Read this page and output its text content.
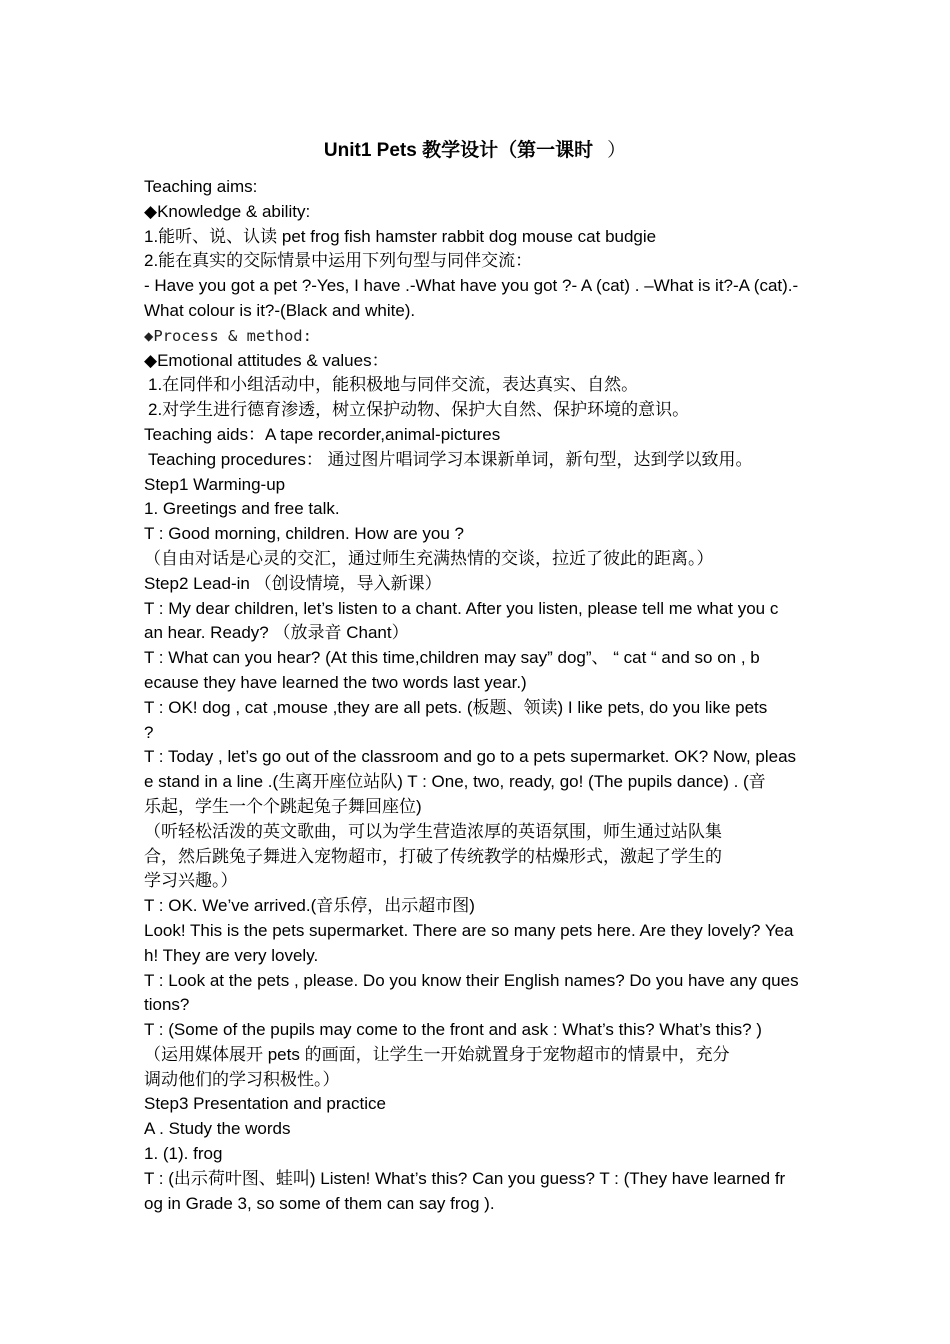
Unit1 Pets 教学设计（第一课时 ）

Teaching aims:

◆Knowledge & ability:

1.能听、说、认读 pet frog fish hamster rabbit dog mouse cat budgie

2.能在真实的交际情景中运用下列句型与同伴交流：

- Have you got a pet ?-Yes, I have .-What have you got ?- A (cat) . –What is it?-A (cat).-

What colour is it?-(Black and white).

◆Process & method:

◆Emotional attitudes & values：

1.在同伴和小组活动中，能积极地与同伴交流，表达真实、自然。

2.对学生进行德育渗透，树立保护动物、保护大自然、保护环境的意识。

Teaching aids：A tape recorder,animal-pictures

Teaching procedures： 通过图片唱词学习本课新单词，新句型，达到学以致用。

Step1 Warming-up

1. Greetings and free talk.

T : Good morning, children. How are you ?

（自由对话是心灵的交汇，通过师生充满热情的交谈，拉近了彼此的距离。）

Step2 Lead-in （创设情境，导入新课）

T : My dear children, let’s listen to a chant. After you listen, please tell me what you c

an hear. Ready? （放录音 Chant）

T : What can you hear? (At this time,children may say” dog”、 “ cat “ and so on , b

ecause they have learned the two words last year.)

T : OK! dog , cat ,mouse ,they are all pets. (板题、领读) I like pets, do you like pets

?

T : Today , let’s go out of the classroom and go to a pets supermarket. OK? Now, pleas

e stand in a line .(生离开座位站队) T : One, two, ready, go! (The pupils dance) . (音

乐起，学生一个个跳起兔子舞回座位)

（听轻松活泼的英文歌曲，可以为学生营造浓厚的英语氛围，师生通过站队集

合，然后跳兔子舞进入宠物超市，打破了传统教学的枯燥形式，激起了学生的

学习兴趣。）

T : OK. We’ve arrived.(音乐停，出示超市图)

Look! This is the pets supermarket. There are so many pets here. Are they lovely? Yea

h! They are very lovely.

T : Look at the pets , please. Do you know their English names? Do you have any ques

tions?

T : (Some of the pupils may come to the front and ask : What’s this? What’s this? )

（运用媒体展开 pets 的画面，让学生一开始就置身于宠物超市的情景中，充分

调动他们的学习积极性。）

Step3 Presentation and practice

A . Study the words

1. (1). frog

T : (出示荷叶图、蛙叫) Listen! What’s this? Can you guess? T : (They have learned fr

og in Grade 3, so some of them can say frog ).
